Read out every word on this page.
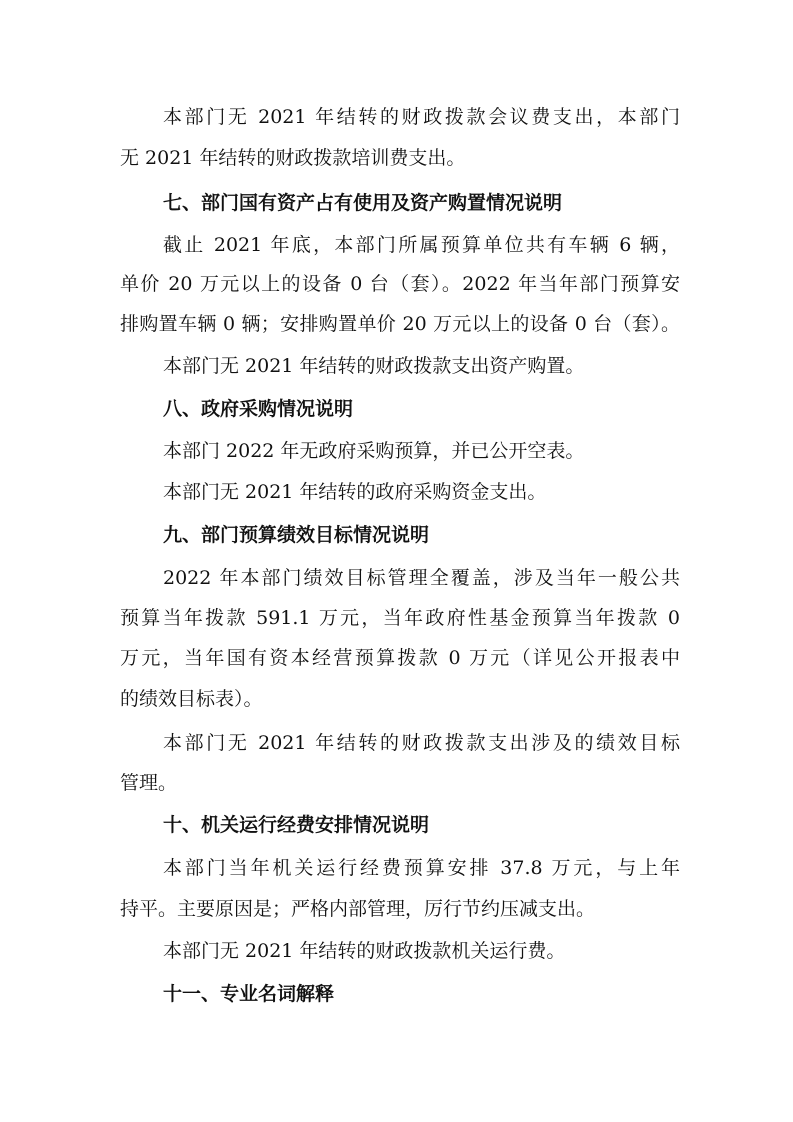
本部门无 2021 年结转的财政拨款会议费支出，本部门
无 2021 年结转的财政拨款培训费支出。
七、部门国有资产占有使用及资产购置情况说明
截止 2021 年底，本部门所属预算单位共有车辆 6 辆，
单价 20 万元以上的设备 0 台（套）。2022 年当年部门预算安
排购置车辆 0 辆；安排购置单价 20 万元以上的设备 0 台（套）。
本部门无 2021 年结转的财政拨款支出资产购置。
八、政府采购情况说明
本部门 2022 年无政府采购预算，并已公开空表。
本部门无 2021 年结转的政府采购资金支出。
九、部门预算绩效目标情况说明
2022 年本部门绩效目标管理全覆盖，涉及当年一般公共
预算当年拨款 591.1 万元，当年政府性基金预算当年拨款 0
万元，当年国有资本经营预算拨款 0 万元（详见公开报表中
的绩效目标表）。
本部门无 2021 年结转的财政拨款支出涉及的绩效目标
管理。
十、机关运行经费安排情况说明
本部门当年机关运行经费预算安排 37.8 万元，与上年
持平。主要原因是；严格内部管理，厉行节约压减支出。
本部门无 2021 年结转的财政拨款机关运行费。
十一、专业名词解释
